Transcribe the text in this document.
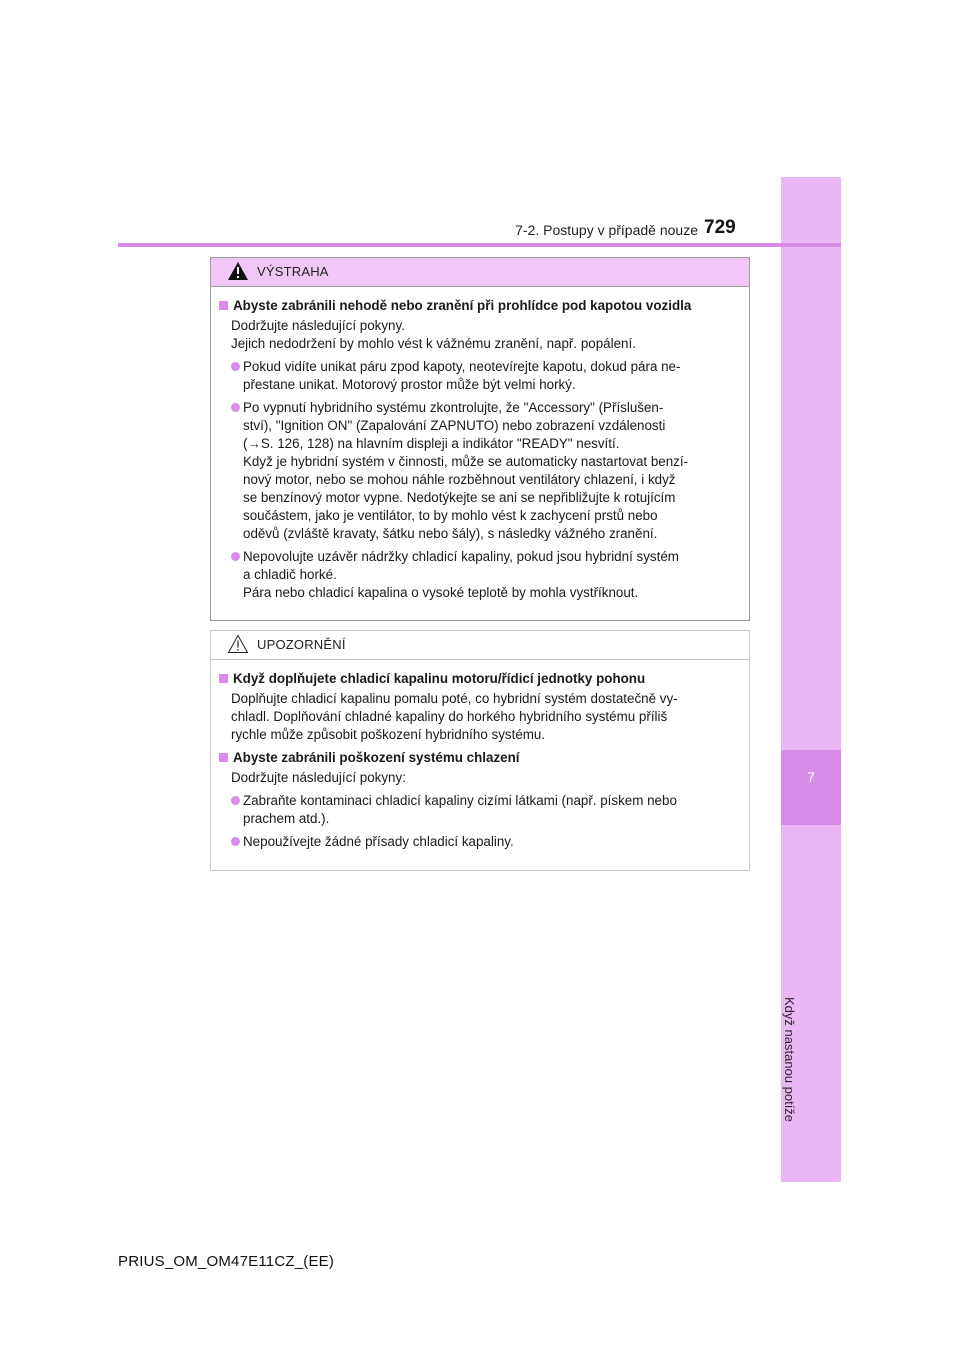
7
Když nastanou potíže
7-2. Postupy v případě nouze 729
VÝSTRAHA
Abyste zabránili nehodě nebo zranění při prohlídce pod kapotou vozidla
Dodržujte následující pokyny.
Jejich nedodržení by mohlo vést k vážnému zranění, např. popálení.
Pokud vidíte unikat páru zpod kapoty, neotevírejte kapotu, dokud pára ne-
přestane unikat. Motorový prostor může být velmi horký.
Po vypnutí hybridního systému zkontrolujte, že "Accessory" (Příslušen-
ství), "Ignition ON" (Zapalování ZAPNUTO) nebo zobrazení vzdálenosti
(→S. 126, 128) na hlavním displeji a indikátor "READY" nesvítí.
Když je hybridní systém v činnosti, může se automaticky nastartovat benzí-
nový motor, nebo se mohou náhle rozběhnout ventilátory chlazení, i když
se benzínový motor vypne. Nedotýkejte se ani se nepřibližujte k rotujícím
součástem, jako je ventilátor, to by mohlo vést k zachycení prstů nebo
oděvů (zvláště kravaty, šátku nebo šály), s následky vážného zranění.
Nepovolujte uzávěr nádržky chladicí kapaliny, pokud jsou hybridní systém
a chladič horké.
Pára nebo chladicí kapalina o vysoké teplotě by mohla vystříknout.
UPOZORNĚNÍ
Když doplňujete chladicí kapalinu motoru/řídicí jednotky pohonu
Doplňujte chladicí kapalinu pomalu poté, co hybridní systém dostatečně vy-
chladl. Doplňování chladné kapaliny do horkého hybridního systému příliš
rychle může způsobit poškození hybridního systému.
Abyste zabránili poškození systému chlazení
Dodržujte následující pokyny:
Zabraňte kontaminaci chladicí kapaliny cizími látkami (např. pískem nebo
prachem atd.).
Nepoužívejte žádné přísady chladicí kapaliny.
PRIUS_OM_OM47E11CZ_(EE)
